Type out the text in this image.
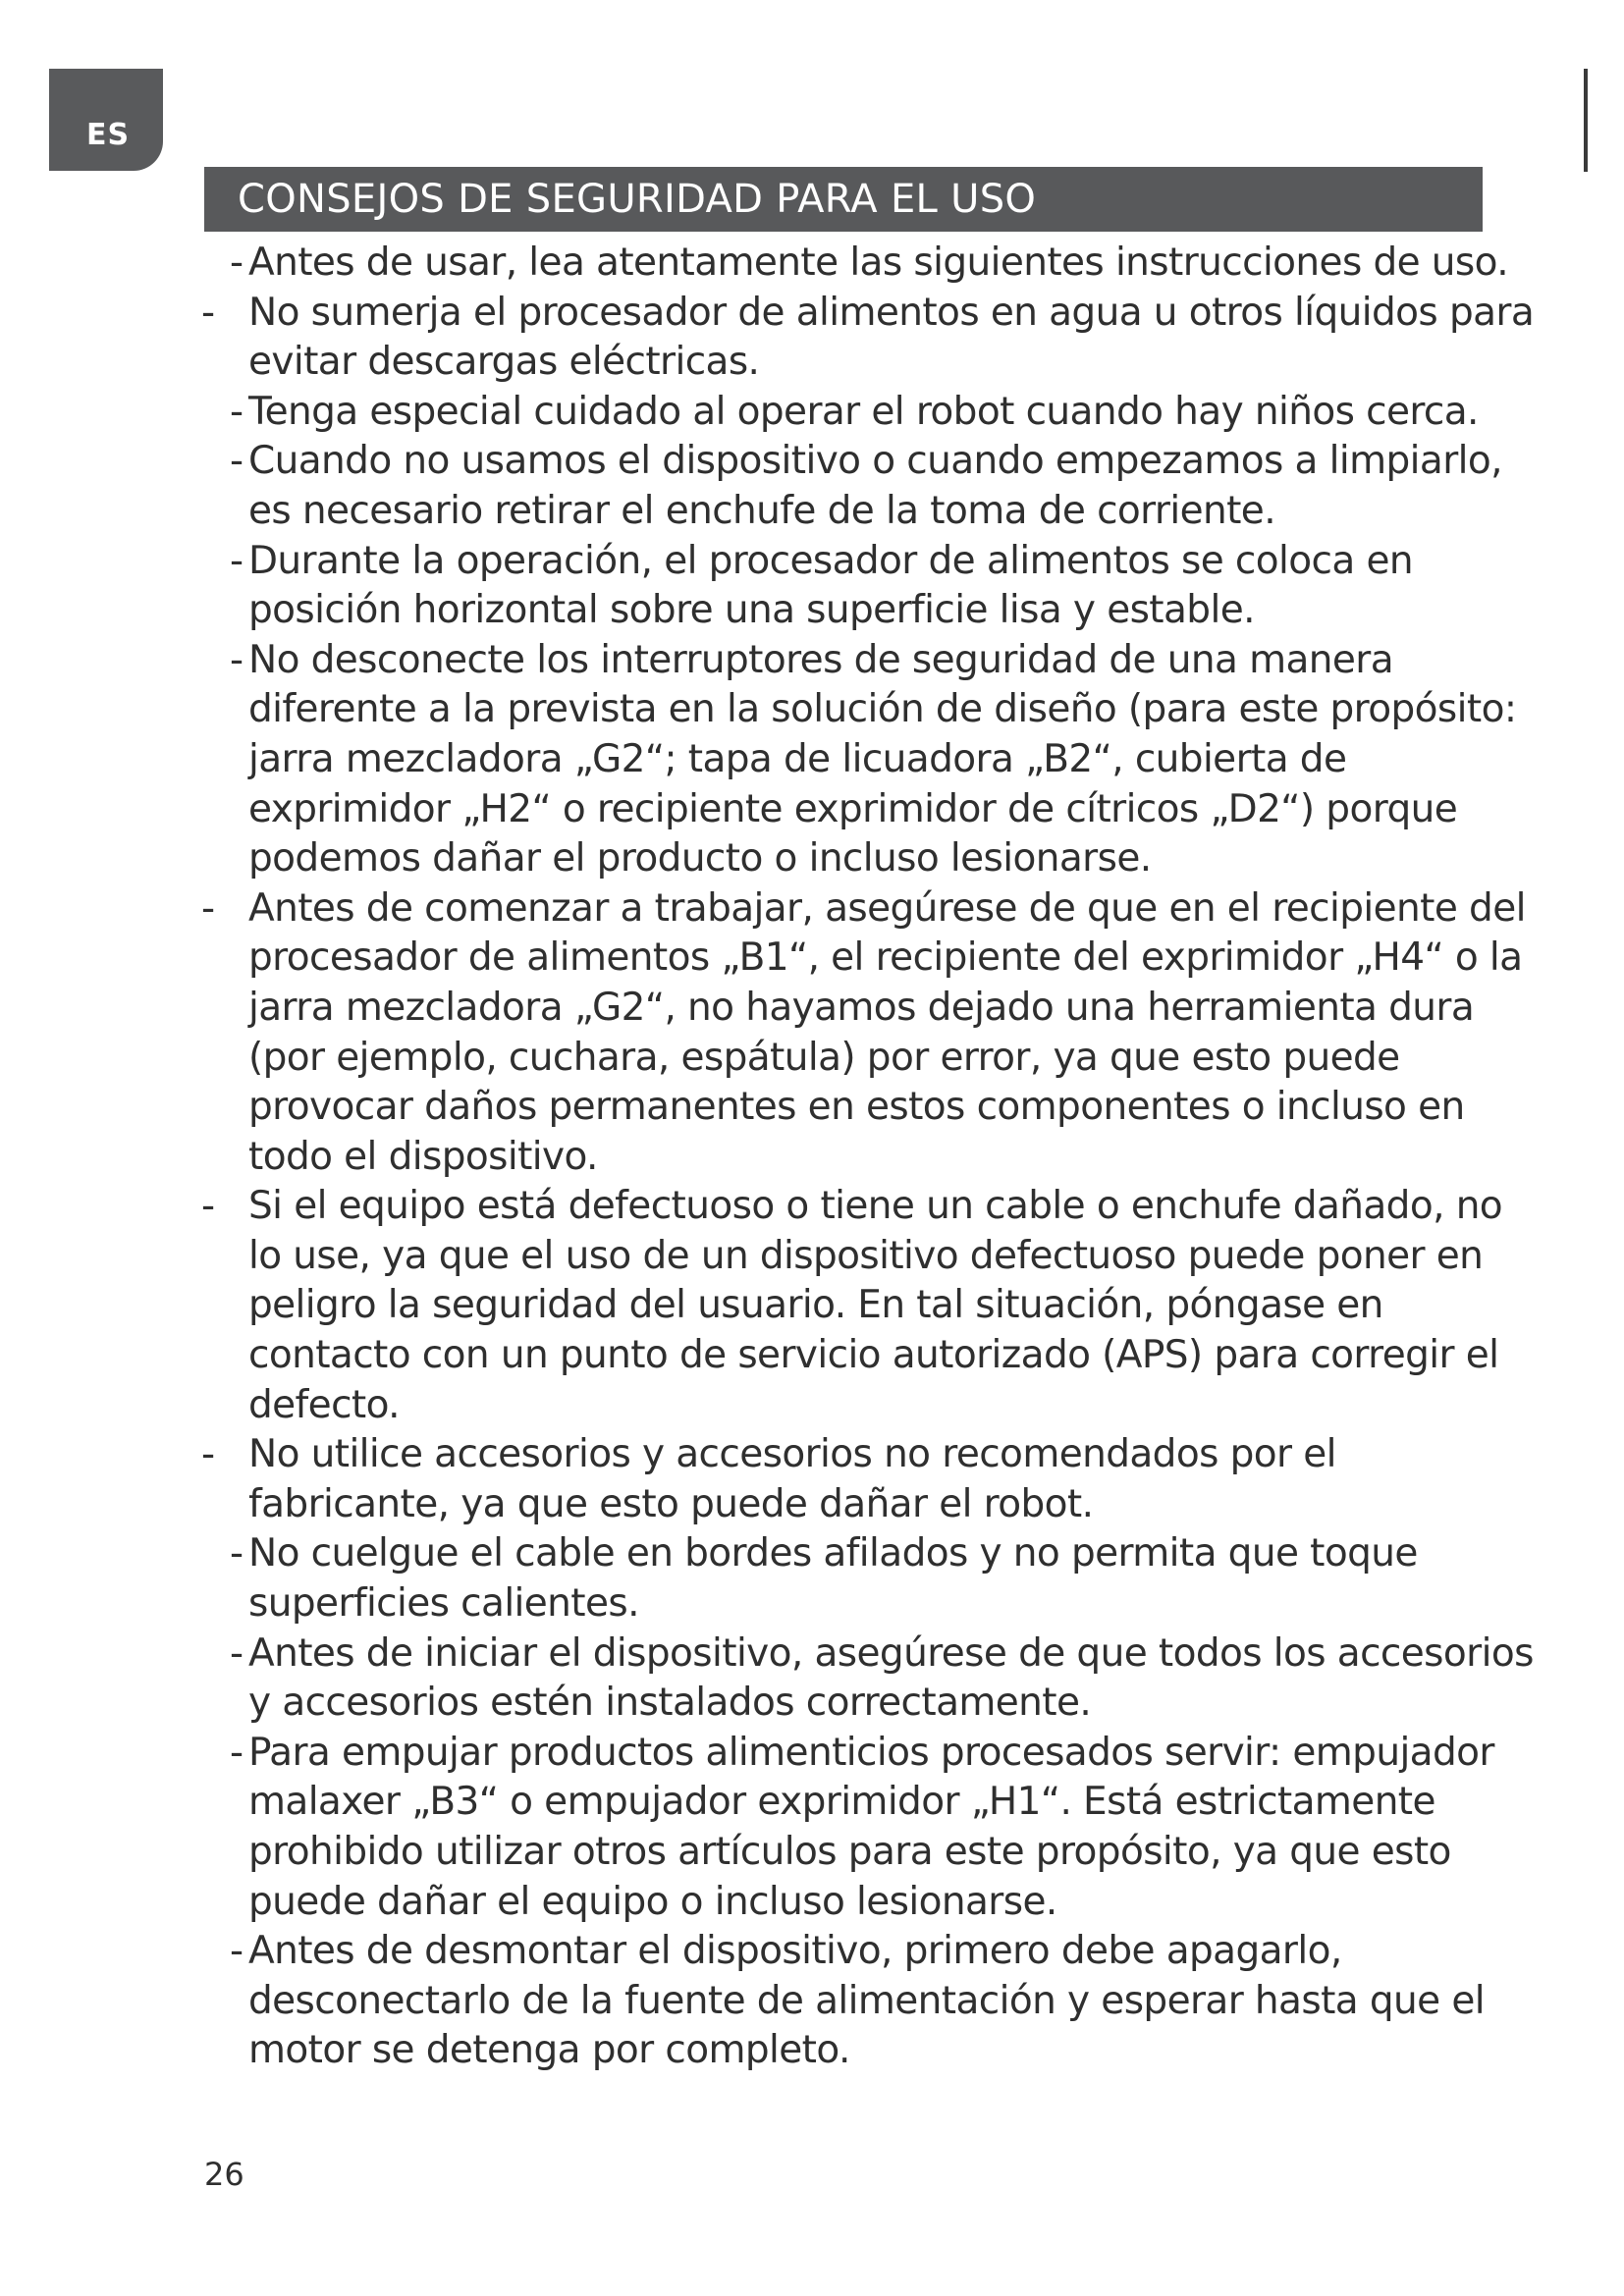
ES
CONSEJOS DE SEGURIDAD PARA EL USO
- Antes de usar, lea atentamente las siguientes instrucciones de uso.
- No sumerja el procesador de alimentos en agua u otros líquidos para evitar descargas eléctricas.
- Tenga especial cuidado al operar el robot cuando hay niños cerca.
- Cuando no usamos el dispositivo o cuando empezamos a limpiarlo, es necesario retirar el enchufe de la toma de corriente.
- Durante la operación, el procesador de alimentos se coloca en posición horizontal sobre una superficie lisa y estable.
- No desconecte los interruptores de seguridad de una manera diferente a la prevista en la solución de diseño (para este propósito: jarra mezcladora „G2“; tapa de licuadora „B2“, cubierta de exprimidor „H2“ o recipiente exprimidor de cítricos „D2“) porque podemos dañar el producto o incluso lesionarse.
- Antes de comenzar a trabajar, asegúrese de que en el recipiente del procesador de alimentos „B1“, el recipiente del exprimidor „H4“ o la jarra mezcladora „G2“, no hayamos dejado una herramienta dura (por ejemplo, cuchara, espátula) por error, ya que esto puede provocar daños permanentes en estos componentes o incluso en todo el dispositivo.
- Si el equipo está defectuoso o tiene un cable o enchufe dañado, no lo use, ya que el uso de un dispositivo defectuoso puede poner en peligro la seguridad del usuario. En tal situación, póngase en contacto con un punto de servicio autorizado (APS) para corregir el defecto.
- No utilice accesorios y accesorios no recomendados por el fabricante, ya que esto puede dañar el robot.
- No cuelgue el cable en bordes afilados y no permita que toque superficies calientes.
- Antes de iniciar el dispositivo, asegúrese de que todos los accesorios y accesorios estén instalados correctamente.
- Para empujar productos alimenticios procesados servir: empujador malaxer „B3“ o empujador exprimidor „H1“. Está estrictamente prohibido utilizar otros artículos para este propósito, ya que esto puede dañar el equipo o incluso lesionarse.
- Antes de desmontar el dispositivo, primero debe apagarlo, desconectarlo de la fuente de alimentación y esperar hasta que el motor se detenga por completo.
26
